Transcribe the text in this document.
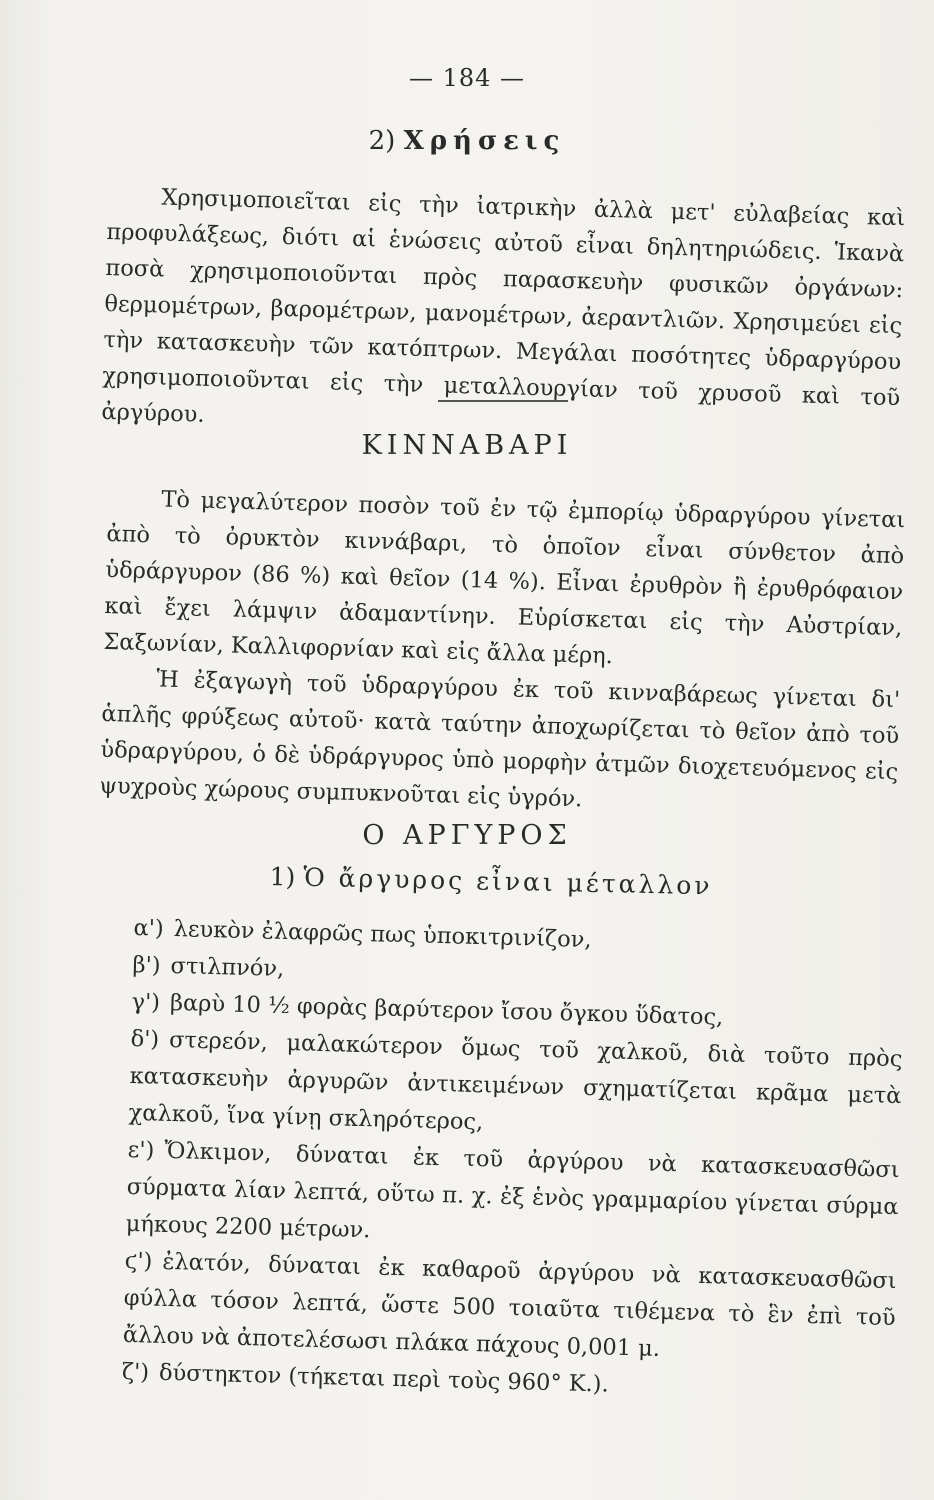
— 184 —
2) Χρήσεις

Χρησιμοποιεῖται εἰς τὴν ἰατρικὴν ἀλλὰ μετ' εὐλαβείας καὶ προφυλάξεως, διότι αἱ ἑνώσεις αὐτοῦ εἶναι δηλητηριώδεις. Ἱκανὰ ποσὰ χρησιμοποιοῦνται πρὸς παρασκευὴν φυσικῶν ὀργάνων: θερμομέτρων, βαρομέτρων, μανομέτρων, ἀεραντλιῶν. Χρησιμεύει εἰς τὴν κατασκευὴν τῶν κατόπτρων. Μεγάλαι ποσότητες ὑδραργύρου χρησιμοποιοῦνται εἰς τὴν μεταλλουργίαν τοῦ χρυσοῦ καὶ τοῦ ἀργύρου.

ΚΙΝΝΑΒΑΡΙ

Τὸ μεγαλύτερον ποσὸν τοῦ ἐν τῷ ἐμπορίῳ ὑδραργύρου γίνεται ἀπὸ τὸ ὀρυκτὸν κιννάβαρι, τὸ ὁποῖον εἶναι σύνθετον ἀπὸ ὑδράργυρον (86 %) καὶ θεῖον (14 %). Εἶναι ἐρυθρὸν ἢ ἐρυθρόφαιον καὶ ἔχει λάμψιν ἀδαμαντίνην. Εὑρίσκεται εἰς τὴν Αὐστρίαν, Σαξωνίαν, Καλλιφορνίαν καὶ εἰς ἄλλα μέρη.

Ἡ ἐξαγωγὴ τοῦ ὑδραργύρου ἐκ τοῦ κινναβάρεως γίνεται δι' ἁπλῆς φρύξεως αὐτοῦ· κατὰ ταύτην ἀποχωρίζεται τὸ θεῖον ἀπὸ τοῦ ὑδραργύρου, ὁ δὲ ὑδράργυρος ὑπὸ μορφὴν ἀτμῶν διοχετευόμενος εἰς ψυχροὺς χώρους συμπυκνοῦται εἰς ὑγρόν.

Ο ΑΡΓΥΡΟΣ
1) Ὁ ἄργυρος εἶναι μέταλλον

α') λευκὸν ἐλαφρῶς πως ὑποκιτρινίζον,

β') στιλπνόν,

γ') βαρὺ 10 ½ φορὰς βαρύτερον ἴσου ὄγκου ὕδατος,

δ') στερεόν, μαλακώτερον ὅμως τοῦ χαλκοῦ, διὰ τοῦτο πρὸς κατασκευὴν ἀργυρῶν ἀντικειμένων σχηματίζεται κρᾶμα μετὰ χαλκοῦ, ἵνα γίνῃ σκληρότερος,

ε') Ὄλκιμον, δύναται ἐκ τοῦ ἀργύρου νὰ κατασκευασθῶσι σύρματα λίαν λεπτά, οὕτω π. χ. ἐξ ἑνὸς γραμμαρίου γίνεται σύρμα μήκους 2200 μέτρων.

ϛ') ἐλατόν, δύναται ἐκ καθαροῦ ἀργύρου νὰ κατασκευασθῶσι φύλλα τόσον λεπτά, ὥστε 500 τοιαῦτα τιθέμενα τὸ ἓν ἐπὶ τοῦ ἄλλου νὰ ἀποτελέσωσι πλάκα πάχους 0,001 μ.

ζ') δύστηκτον (τήκεται περὶ τοὺς 960° Κ.).
